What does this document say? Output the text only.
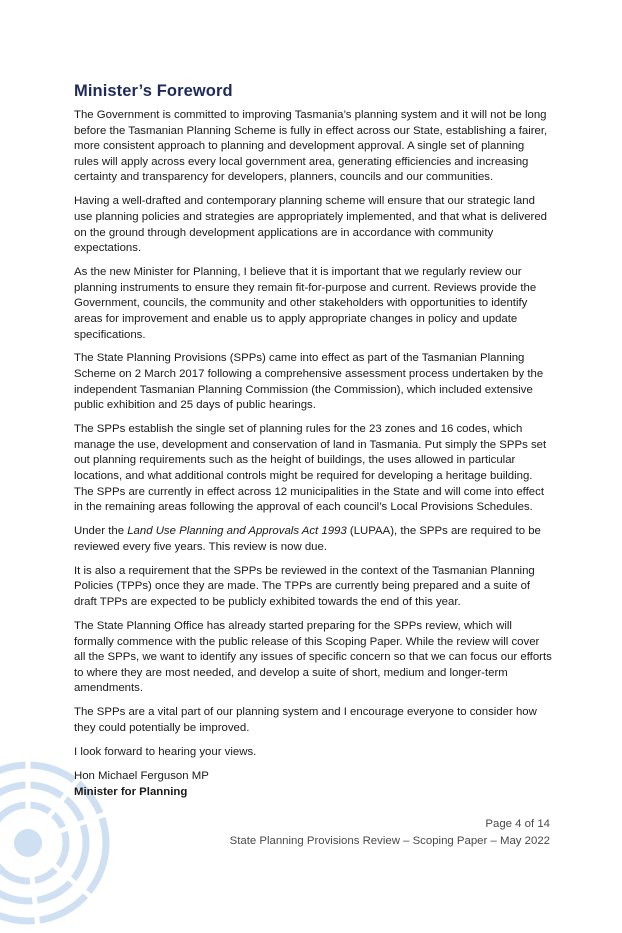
Minister’s Foreword

The Government is committed to improving Tasmania’s planning system and it will not be long before the Tasmanian Planning Scheme is fully in effect across our State, establishing a fairer, more consistent approach to planning and development approval. A single set of planning rules will apply across every local government area, generating efficiencies and increasing certainty and transparency for developers, planners, councils and our communities.

Having a well-drafted and contemporary planning scheme will ensure that our strategic land use planning policies and strategies are appropriately implemented, and that what is delivered on the ground through development applications are in accordance with community expectations.

As the new Minister for Planning, I believe that it is important that we regularly review our planning instruments to ensure they remain fit-for-purpose and current. Reviews provide the Government, councils, the community and other stakeholders with opportunities to identify areas for improvement and enable us to apply appropriate changes in policy and update specifications.

The State Planning Provisions (SPPs) came into effect as part of the Tasmanian Planning Scheme on 2 March 2017 following a comprehensive assessment process undertaken by the independent Tasmanian Planning Commission (the Commission), which included extensive public exhibition and 25 days of public hearings.

The SPPs establish the single set of planning rules for the 23 zones and 16 codes, which manage the use, development and conservation of land in Tasmania. Put simply the SPPs set out planning requirements such as the height of buildings, the uses allowed in particular locations, and what additional controls might be required for developing a heritage building. The SPPs are currently in effect across 12 municipalities in the State and will come into effect in the remaining areas following the approval of each council’s Local Provisions Schedules.

Under the Land Use Planning and Approvals Act 1993 (LUPAA), the SPPs are required to be reviewed every five years. This review is now due.

It is also a requirement that the SPPs be reviewed in the context of the Tasmanian Planning Policies (TPPs) once they are made. The TPPs are currently being prepared and a suite of draft TPPs are expected to be publicly exhibited towards the end of this year.

The State Planning Office has already started preparing for the SPPs review, which will formally commence with the public release of this Scoping Paper. While the review will cover all the SPPs, we want to identify any issues of specific concern so that we can focus our efforts to where they are most needed, and develop a suite of short, medium and longer-term amendments.

The SPPs are a vital part of our planning system and I encourage everyone to consider how they could potentially be improved.

I look forward to hearing your views.

Hon Michael Ferguson MP
Minister for Planning
Page 4 of 14
State Planning Provisions Review – Scoping Paper – May 2022
